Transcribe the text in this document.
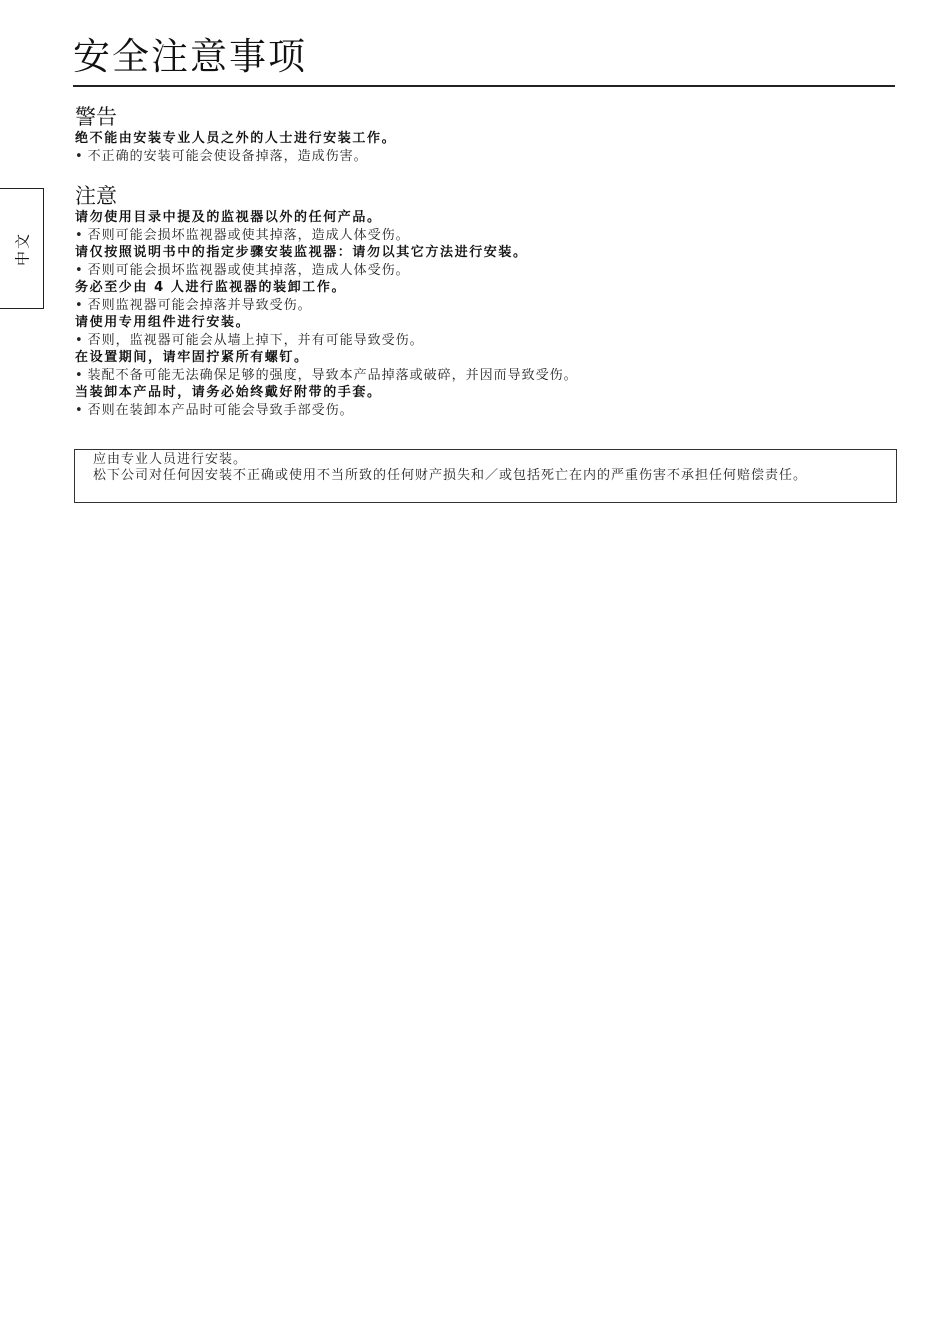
安全注意事项
中文
警告
绝不能由安装专业人员之外的人士进行安装工作。
• 不正确的安装可能会使设备掉落，造成伤害。
注意
请勿使用目录中提及的监视器以外的任何产品。
• 否则可能会损坏监视器或使其掉落，造成人体受伤。
请仅按照说明书中的指定步骤安装监视器：请勿以其它方法进行安装。
• 否则可能会损坏监视器或使其掉落，造成人体受伤。
务必至少由 4 人进行监视器的装卸工作。
• 否则监视器可能会掉落并导致受伤。
请使用专用组件进行安装。
• 否则，监视器可能会从墙上掉下，并有可能导致受伤。
在设置期间，请牢固拧紧所有螺钉。
• 装配不备可能无法确保足够的强度，导致本产品掉落或破碎，并因而导致受伤。
当装卸本产品时，请务必始终戴好附带的手套。
• 否则在装卸本产品时可能会导致手部受伤。
应由专业人员进行安装。
松下公司对任何因安装不正确或使用不当所致的任何财产损失和／或包括死亡在内的严重伤害不承担任何赔偿责任。
